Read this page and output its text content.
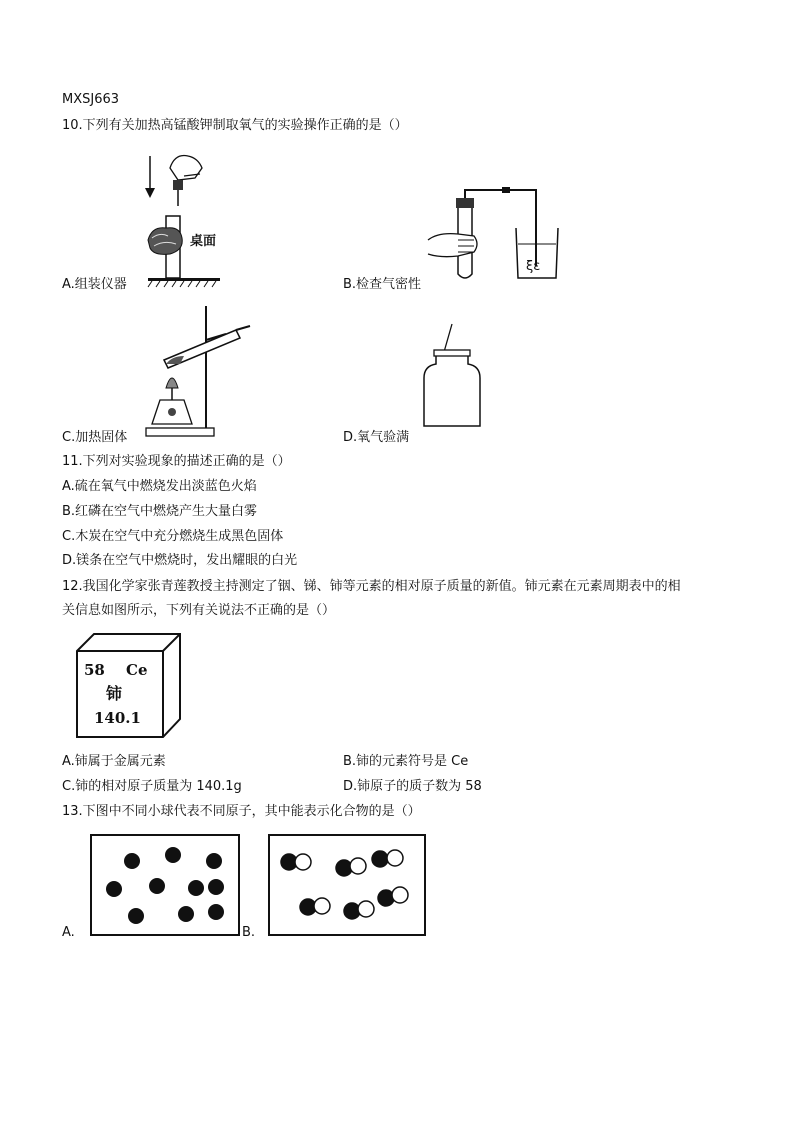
MXSJ663
10.下列有关加热高锰酸钾制取氧气的实验操作正确的是（）
桌面
A.组装仪器
ξε
B.检查气密性
C.加热固体	D.氧气验满
11.下列对实验现象的描述正确的是（）
A.硫在氧气中燃烧发出淡蓝色火焰
B.红磷在空气中燃烧产生大量白雾
C.木炭在空气中充分燃烧生成黑色固体
D.镁条在空气中燃烧时，发出耀眼的白光
12.我国化学家张青莲教授主持测定了铟、锑、铈等元素的相对原子质量的新值。铈元素在元素周期表中的相
关信息如图所示，下列有关说法不正确的是（）
58 Ce
铈
140.1
A.铈属于金属元素	B.铈的元素符号是 Ce
C.铈的相对原子质量为 140.1g	D.铈原子的质子数为 58
13.下图中不同小球代表不同原子，其中能表示化合物的是（）
A.	B.
